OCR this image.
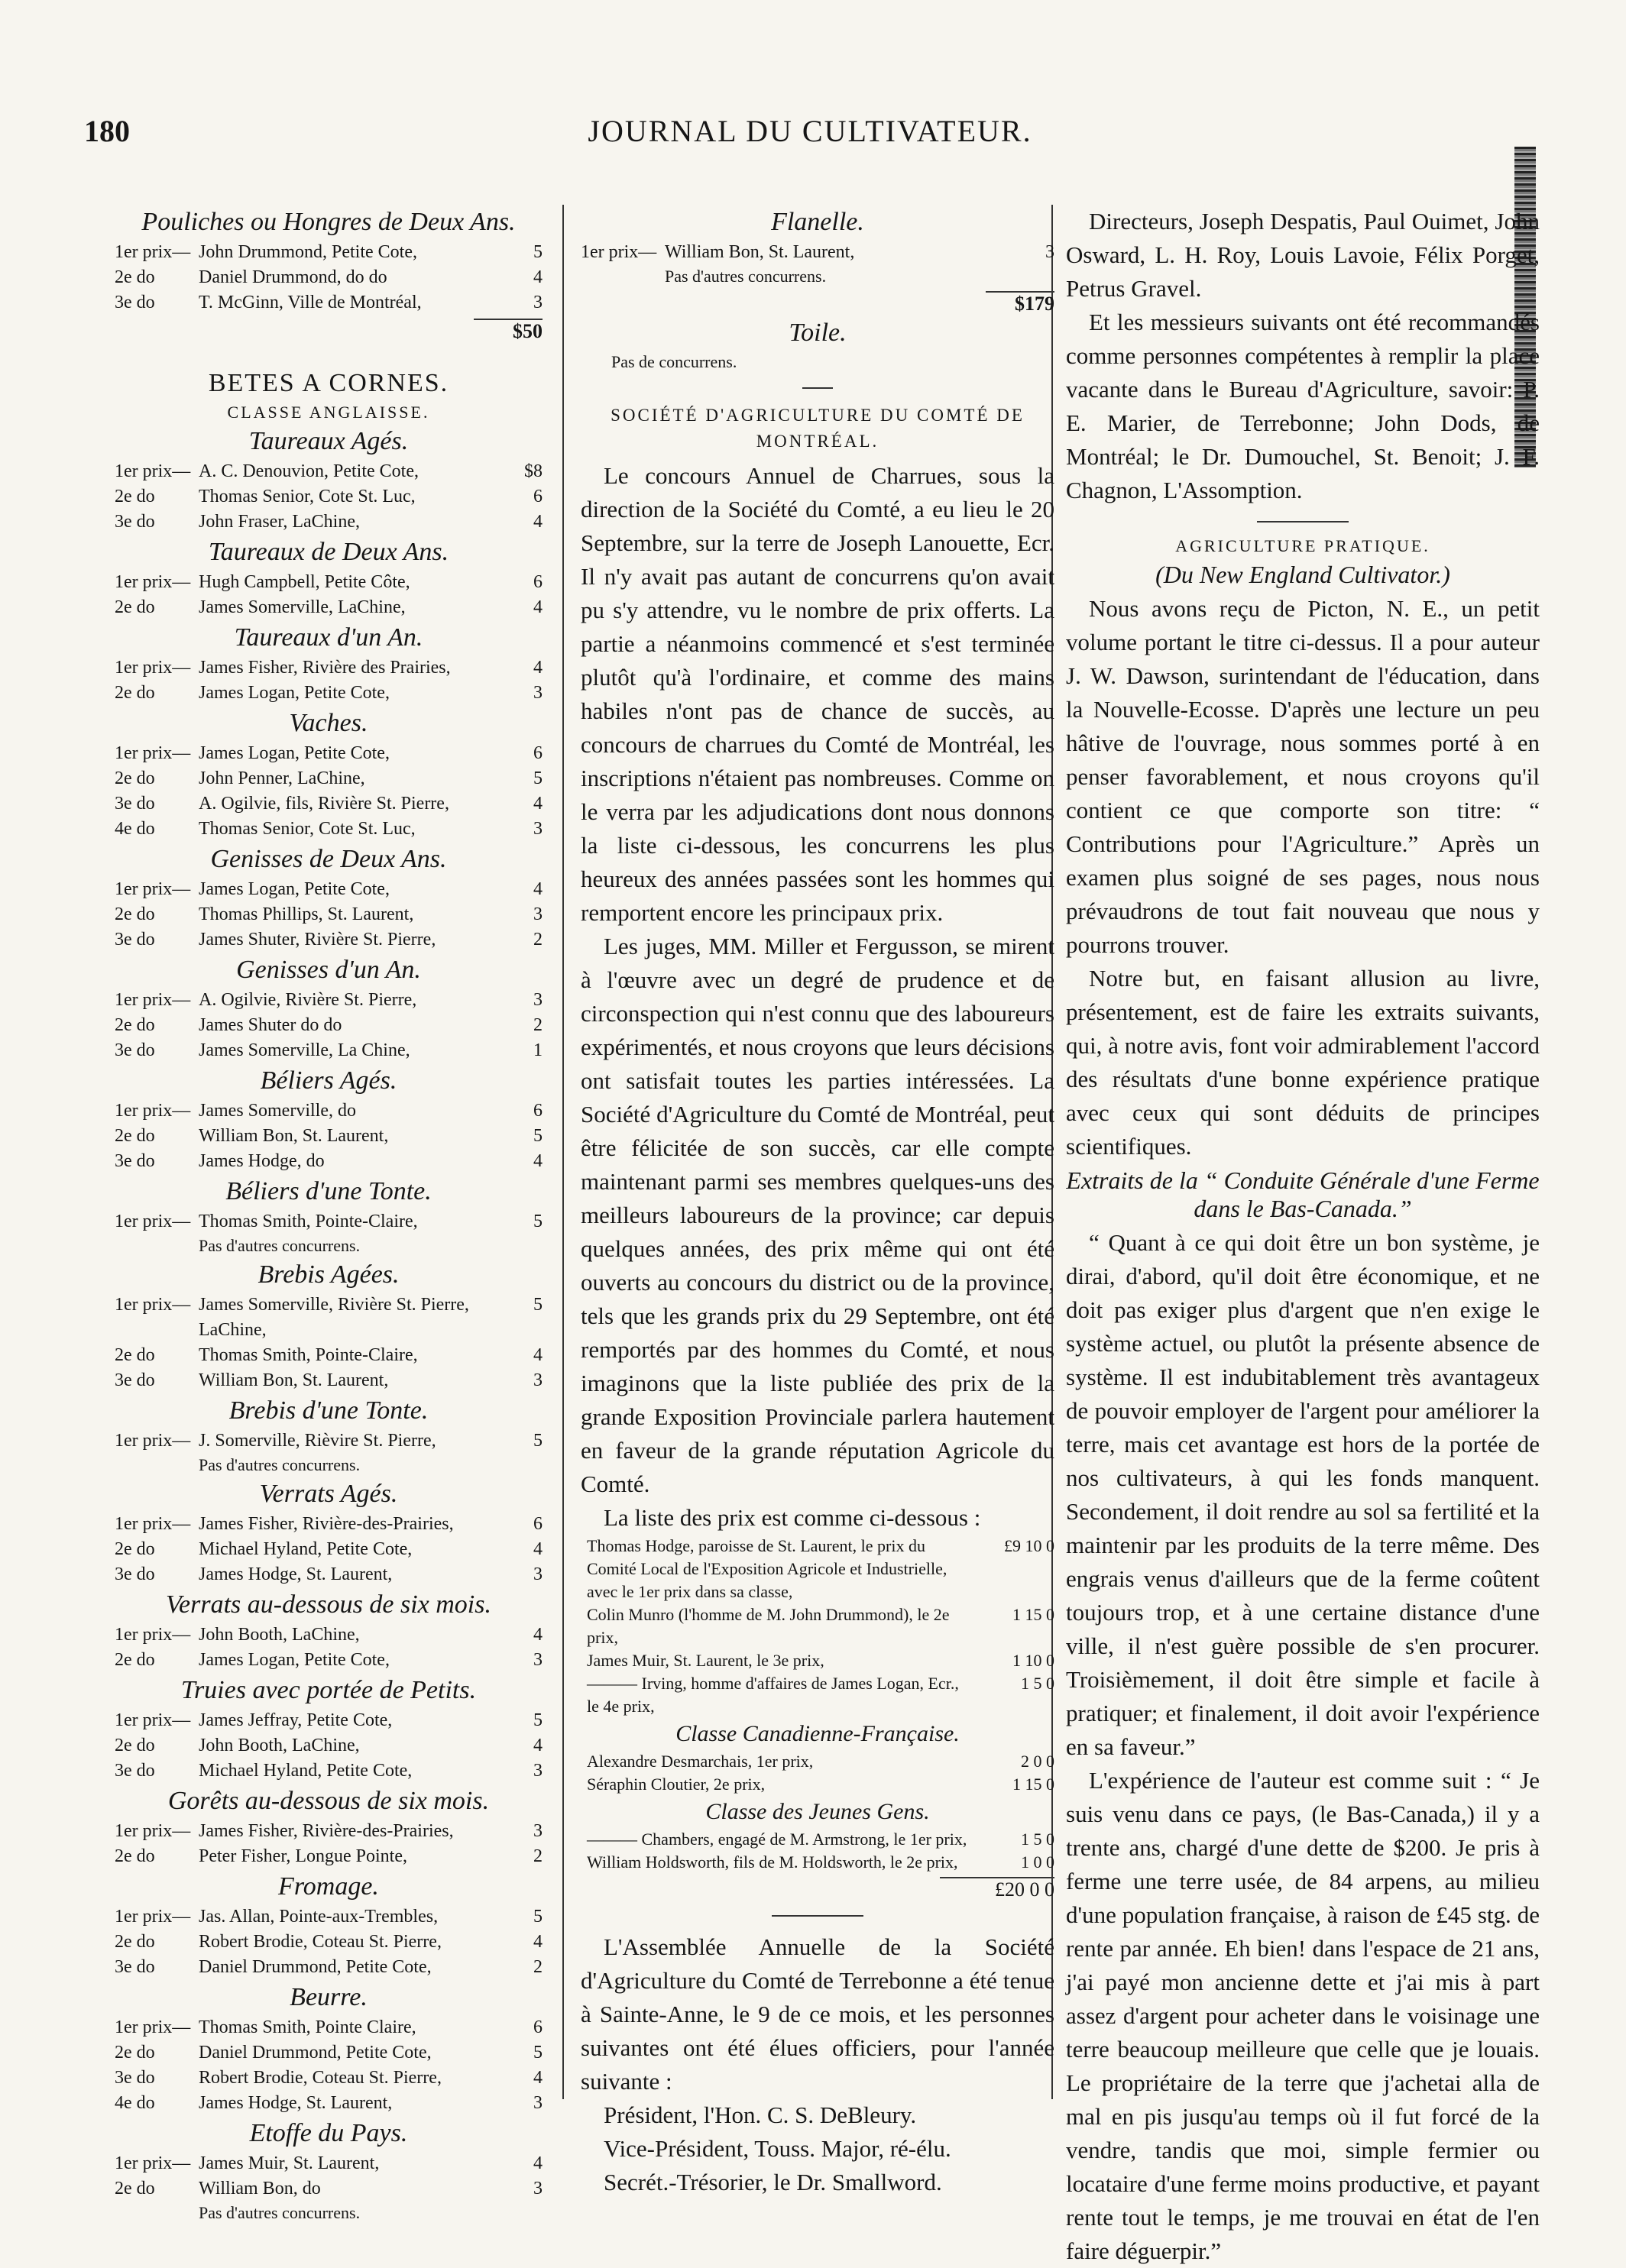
180	JOURNAL DU CULTIVATEUR.
Pouliches ou Hongres de Deux Ans.
1er prix— John Drummond, Petite Cote,	5
2e do	Daniel Drummond, do do	4
3e do	T. McGinn, Ville de Montréal,	3
$50
BETES A CORNES.
CLASSE ANGLAISSE.
Taureaux Agés.
1er prix— A. C. Denouvion, Petite Cote,	$8
2e do	Thomas Senior, Cote St. Luc,	6
3e do	John Fraser, LaChine,	4
Taureaux de Deux Ans.
1er prix— Hugh Campbell, Petite Côte,	6
2e do	James Somerville, LaChine,	4
Taureaux d'un An.
1er prix— James Fisher, Rivière des Prairies,	4
2e do	James Logan, Petite Cote,	3
Vaches.
1er prix— James Logan, Petite Cote,	6
2e do	John Penner, LaChine,	5
3e do	A. Ogilvie, fils, Rivière St. Pierre,	4
4e do	Thomas Senior, Cote St. Luc,	3
Genisses de Deux Ans.
1er prix— James Logan, Petite Cote,	4
2e do	Thomas Phillips, St. Laurent,	3
3e do	James Shuter, Rivière St. Pierre,	2
Genisses d'un An.
1er prix— A. Ogilvie, Rivière St. Pierre,	3
2e do	James Shuter do do	2
3e do	James Somerville, La Chine,	1
Béliers Agés.
1er prix— James Somerville, do	6
2e do	William Bon, St. Laurent,	5
3e do	James Hodge, do	4
Béliers d'une Tonte.
1er prix— Thomas Smith, Pointe-Claire,	5
Pas d'autres concurrens.
Brebis Agées.
1er prix— James Somerville, Rivière St. Pierre, LaChine,
5
2e do	Thomas Smith, Pointe-Claire,	4
3e do	William Bon, St. Laurent,	3
Brebis d'une Tonte.
1er prix— J. Somerville, Rièvire St. Pierre,	5
Pas d'autres concurrens.
Verrats Agés.
1er prix— James Fisher, Rivière-des-Prairies,	6
2e do	Michael Hyland, Petite Cote,	4
3e do	James Hodge, St. Laurent,	3
Verrats au-dessous de six mois.
1er prix— John Booth, LaChine,	4
2e do	James Logan, Petite Cote,	3
Truies avec portée de Petits.
1er prix— James Jeffray, Petite Cote,	5
2e do	John Booth, LaChine,	4
3e do	Michael Hyland, Petite Cote,	3
Gorêts au-dessous de six mois.
1er prix— James Fisher, Rivière-des-Prairies,	3
2e do	Peter Fisher, Longue Pointe,	2
Fromage.
1er prix— Jas. Allan, Pointe-aux-Trembles,	5
2e do	Robert Brodie, Coteau St. Pierre,	4
3e do	Daniel Drummond, Petite Cote,	2
Beurre.
1er prix— Thomas Smith, Pointe Claire,	6
2e do	Daniel Drummond, Petite Cote,	5
3e do	Robert Brodie, Coteau St. Pierre,	4
4e do	James Hodge, St. Laurent,	3
Etoffe du Pays.
1er prix— James Muir, St. Laurent,	4
2e do	William Bon, do	3
Pas d'autres concurrens.
Flanelle.
1er prix— William Bon, St. Laurent,	3
Pas d'autres concurrens.
$179
Toile.
Pas de concurrens.
SOCIÉTÉ D'AGRICULTURE DU COMTÉ DE MONTRÉAL.

Le concours Annuel de Charrues, sous la direction de la Société du Comté, a eu lieu le 20 Septembre, sur la terre de Joseph Lanouette, Ecr. Il n'y avait pas autant de concurrens qu'on avait pu s'y attendre, vu le nombre de prix offerts. La partie a néanmoins commencé et s'est terminée plutôt qu'à l'ordinaire, et comme des mains habiles n'ont pas de chance de succès, au concours de charrues du Comté de Montréal, les inscriptions n'étaient pas nombreuses. Comme on le verra par les adjudications dont nous donnons la liste ci-dessous, les concurrens les plus heureux des années passées sont les hommes qui remportent encore les principaux prix.

Les juges, MM. Miller et Fergusson, se mirent à l'œuvre avec un degré de prudence et de circonspection qui n'est connu que des laboureurs expérimentés, et nous croyons que leurs décisions ont satisfait toutes les parties intéressées. La Société d'Agriculture du Comté de Montréal, peut être félicitée de son succès, car elle compte maintenant parmi ses membres quelques-uns des meilleurs laboureurs de la province; car depuis quelques années, des prix même qui ont été ouverts au concours du district ou de la province, tels que les grands prix du 29 Septembre, ont été remportés par des hommes du Comté, et nous imaginons que la liste publiée des prix de la grande Exposition Provinciale parlera hautement en faveur de la grande réputation Agricole du Comté.

La liste des prix est comme ci-dessous :

Thomas Hodge, paroisse de St. Laurent, le prix du Comité Local de l'Exposition Agricole et Industrielle, avec le 1er prix dans sa classe,
£9 10 0
Colin Munro (l'homme de M. John Drummond), le 2e prix,
1 15 0
James Muir, St. Laurent, le 3e prix,	1 10 0
——— Irving, homme d'affaires de James Logan, Ecr., le 4e prix,
1 5 0
Classe Canadienne-Française.
Alexandre Desmarchais, 1er prix,	2 0 0
Séraphin Cloutier, 2e prix,	1 15 0
Classe des Jeunes Gens.
——— Chambers, engagé de M. Armstrong, le 1er prix,	1 5 0
William Holdsworth, fils de M. Holdsworth, le 2e prix,	1 0 0
£20 0 0

L'Assemblée Annuelle de la Société d'Agriculture du Comté de Terrebonne a été tenue à Sainte-Anne, le 9 de ce mois, et les personnes suivantes ont été élues officiers, pour l'année suivante :

Président, l'Hon. C. S. DeBleury.
Vice-Président, Touss. Major, ré-élu.
Secrét.-Trésorier, le Dr. Smallword.

Directeurs, Joseph Despatis, Paul Ouimet, John Osward, L. H. Roy, Louis Lavoie, Félix Porget, Petrus Gravel.

Et les messieurs suivants ont été recommandés comme personnes compétentes à remplir la place vacante dans le Bureau d'Agriculture, savoir: P. E. Marier, de Terrebonne; John Dods, de Montréal; le Dr. Dumouchel, St. Benoit; J. F. Chagnon, L'Assomption.

AGRICULTURE PRATIQUE.
(Du New England Cultivator.)

Nous avons reçu de Picton, N. E., un petit volume portant le titre ci-dessus. Il a pour auteur J. W. Dawson, surintendant de l'éducation, dans la Nouvelle-Ecosse. D'après une lecture un peu hâtive de l'ouvrage, nous sommes porté à en penser favorablement, et nous croyons qu'il contient ce que comporte son titre: “ Contributions pour l'Agriculture.” Après un examen plus soigné de ses pages, nous nous prévaudrons de tout fait nouveau que nous y pourrons trouver.

Notre but, en faisant allusion au livre, présentement, est de faire les extraits suivants, qui, à notre avis, font voir admirablement l'accord des résultats d'une bonne expérience pratique avec ceux qui sont déduits de principes scientifiques.

Extraits de la “ Conduite Générale d'une Ferme dans le Bas-Canada.”

“ Quant à ce qui doit être un bon système, je dirai, d'abord, qu'il doit être économique, et ne doit pas exiger plus d'argent que n'en exige le système actuel, ou plutôt la présente absence de système. Il est indubitablement très avantageux de pouvoir employer de l'argent pour améliorer la terre, mais cet avantage est hors de la portée de nos cultivateurs, à qui les fonds manquent. Secondement, il doit rendre au sol sa fertilité et la maintenir par les produits de la terre même. Des engrais venus d'ailleurs que de la ferme coûtent toujours trop, et à une certaine distance d'une ville, il n'est guère possible de s'en procurer. Troisièmement, il doit être simple et facile à pratiquer; et finalement, il doit avoir l'expérience en sa faveur.”

L'expérience de l'auteur est comme suit : “ Je suis venu dans ce pays, (le Bas-Canada,) il y a trente ans, chargé d'une dette de $200. Je pris à ferme une terre usée, de 84 arpens, au milieu d'une population française, à raison de £45 stg. de rente par année. Eh bien! dans l'espace de 21 ans, j'ai payé mon ancienne dette et j'ai mis à part assez d'argent pour acheter dans le voisinage une terre beaucoup meilleure que celle que je louais. Le propriétaire de la terre que j'achetai alla de mal en pis jusqu'au temps où il fut forcé de la vendre, tandis que moi, simple fermier ou locataire d'une ferme moins productive, et payant rente tout le temps, je me trouvai en état de l'en faire déguerpir.”
